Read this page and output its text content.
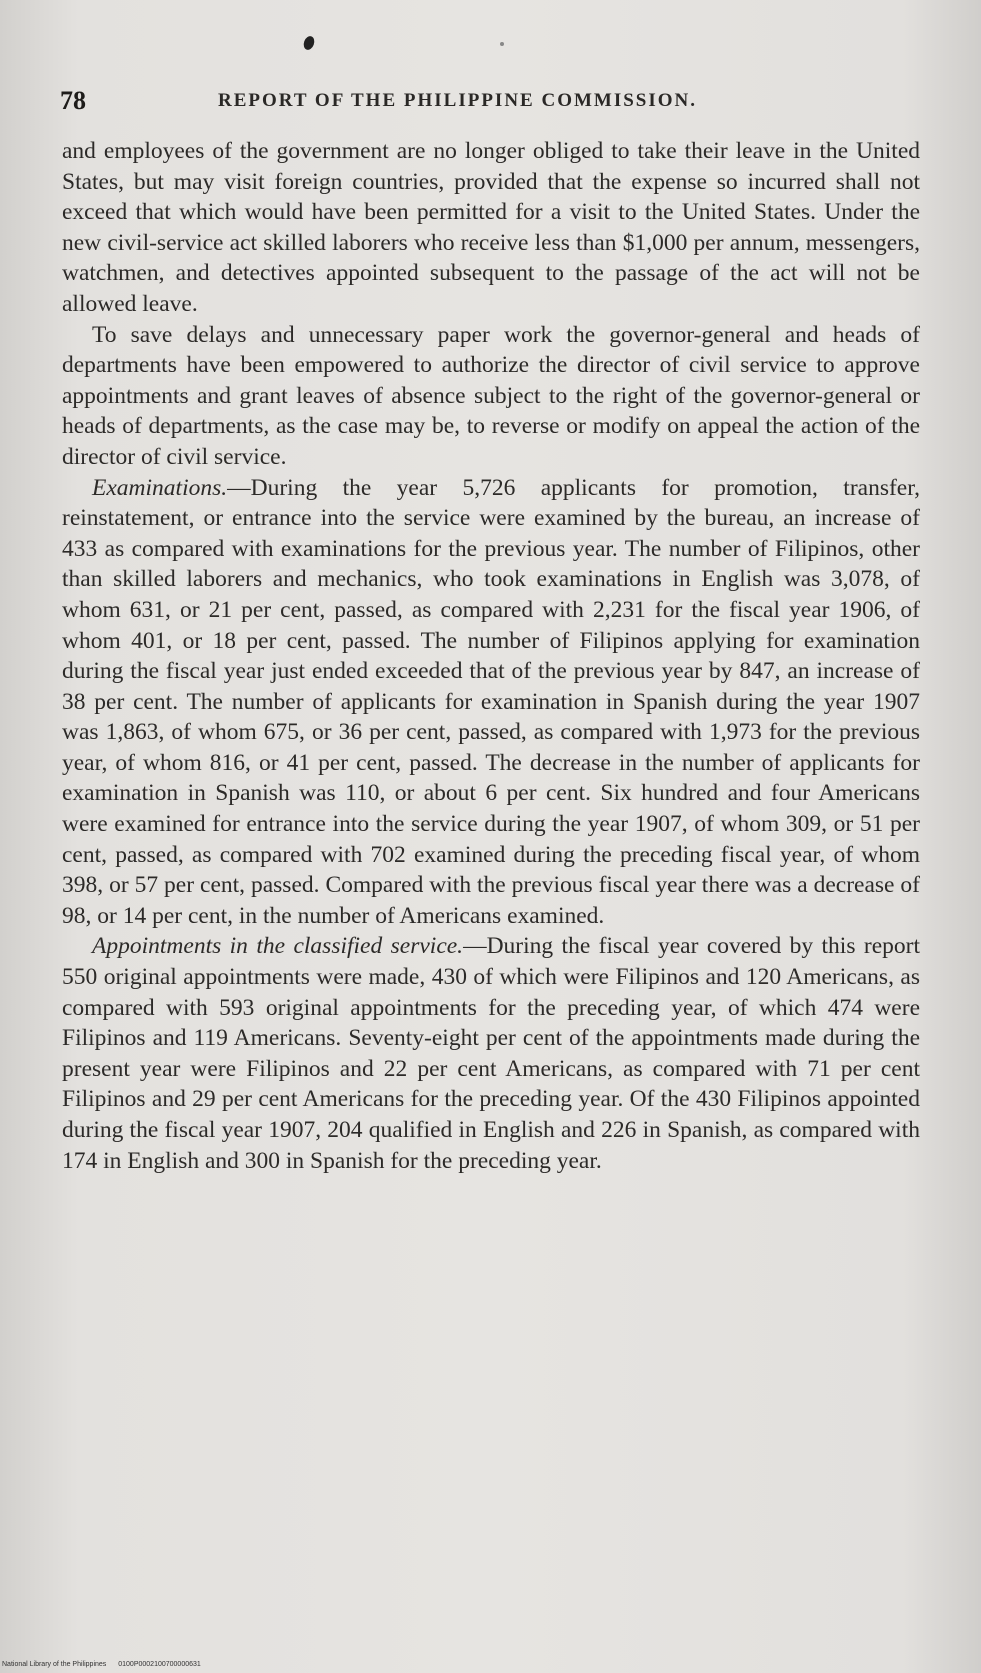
78	REPORT OF THE PHILIPPINE COMMISSION.

and employees of the government are no longer obliged to take their leave in the United States, but may visit foreign countries, provided that the expense so incurred shall not exceed that which would have been permitted for a visit to the United States. Under the new civil-service act skilled laborers who receive less than $1,000 per annum, messengers, watchmen, and detectives appointed subsequent to the passage of the act will not be allowed leave.

To save delays and unnecessary paper work the governor-general and heads of departments have been empowered to authorize the director of civil service to approve appointments and grant leaves of absence subject to the right of the governor-general or heads of departments, as the case may be, to reverse or modify on appeal the action of the director of civil service.

Examinations.—During the year 5,726 applicants for promotion, transfer, reinstatement, or entrance into the service were examined by the bureau, an increase of 433 as compared with examinations for the previous year. The number of Filipinos, other than skilled laborers and mechanics, who took examinations in English was 3,078, of whom 631, or 21 per cent, passed, as compared with 2,231 for the fiscal year 1906, of whom 401, or 18 per cent, passed. The number of Filipinos applying for examination during the fiscal year just ended exceeded that of the previous year by 847, an increase of 38 per cent. The number of applicants for examination in Spanish during the year 1907 was 1,863, of whom 675, or 36 per cent, passed, as compared with 1,973 for the previous year, of whom 816, or 41 per cent, passed. The decrease in the number of applicants for examination in Spanish was 110, or about 6 per cent. Six hundred and four Americans were examined for entrance into the service during the year 1907, of whom 309, or 51 per cent, passed, as compared with 702 examined during the preceding fiscal year, of whom 398, or 57 per cent, passed. Compared with the previous fiscal year there was a decrease of 98, or 14 per cent, in the number of Americans examined.

Appointments in the classified service.—During the fiscal year covered by this report 550 original appointments were made, 430 of which were Filipinos and 120 Americans, as compared with 593 original appointments for the preceding year, of which 474 were Filipinos and 119 Americans. Seventy-eight per cent of the appointments made during the present year were Filipinos and 22 per cent Americans, as compared with 71 per cent Filipinos and 29 per cent Americans for the preceding year. Of the 430 Filipinos appointed during the fiscal year 1907, 204 qualified in English and 226 in Spanish, as compared with 174 in English and 300 in Spanish for the preceding year.

National Library of the Philippines 0100P0002100700000631
